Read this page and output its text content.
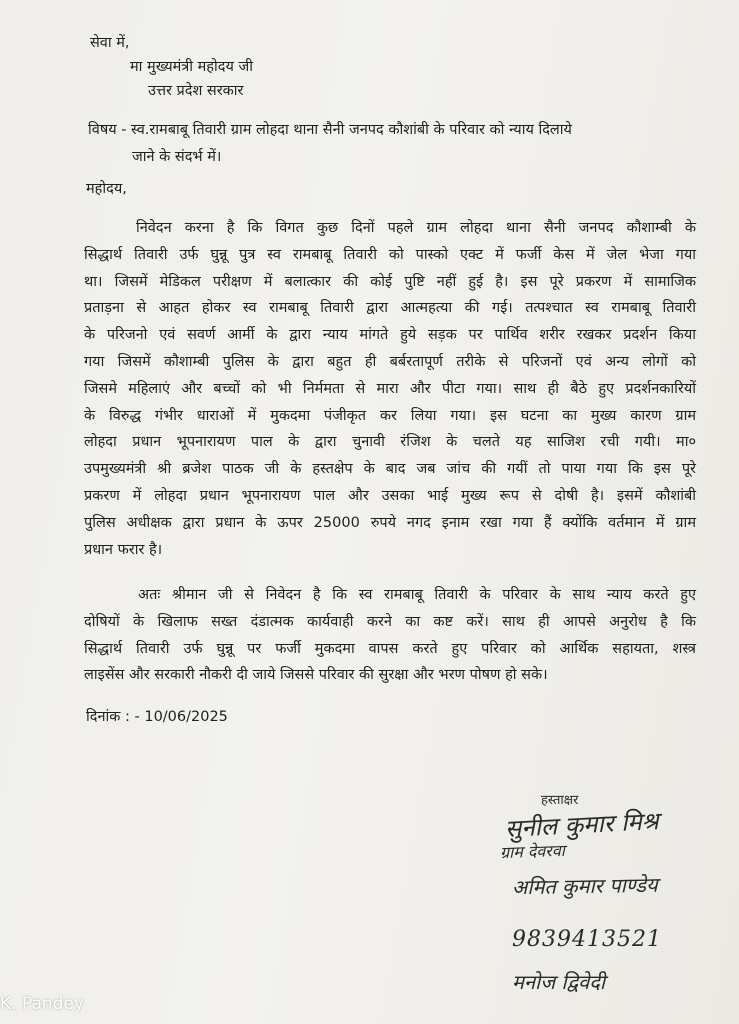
सेवा में,
मा मुख्यमंत्री महोदय जी
उत्तर प्रदेश सरकार
विषय - स्व.रामबाबू तिवारी ग्राम लोहदा थाना सैनी जनपद कौशांबी के परिवार को न्याय दिलाये
जाने के संदर्भ में।
महोदय,
निवेदन करना है कि विगत कुछ दिनों पहले ग्राम लोहदा थाना सैनी जनपद कौशाम्बी के
सिद्धार्थ तिवारी उर्फ घुन्नू पुत्र स्व रामबाबू तिवारी को पास्को एक्ट में फर्जी केस में जेल भेजा गया
था। जिसमें मेडिकल परीक्षण में बलात्कार की कोई पुष्टि नहीं हुई है। इस पूरे प्रकरण में सामाजिक
प्रताड़ना से आहत होकर स्व रामबाबू तिवारी द्वारा आत्महत्या की गई। तत्पश्चात स्व रामबाबू तिवारी
के परिजनो एवं सवर्ण आर्मी के द्वारा न्याय मांगते हुये सड़क पर पार्थिव शरीर रखकर प्रदर्शन किया
गया जिसमें कौशाम्बी पुलिस के द्वारा बहुत ही बर्बरतापूर्ण तरीके से परिजनों एवं अन्य लोगों को
जिसमे महिलाएं और बच्चों को भी निर्ममता से मारा और पीटा गया। साथ ही बैठे हुए प्रदर्शनकारियों
के विरुद्ध गंभीर धाराओं में मुकदमा पंजीकृत कर लिया गया। इस घटना का मुख्य कारण ग्राम
लोहदा प्रधान भूपनारायण पाल के द्वारा चुनावी रंजिश के चलते यह साजिश रची गयी। मा०
उपमुख्यमंत्री श्री ब्रजेश पाठक जी के हस्तक्षेप के बाद जब जांच की गयीं तो पाया गया कि इस पूरे
प्रकरण में लोहदा प्रधान भूपनारायण पाल और उसका भाई मुख्य रूप से दोषी है। इसमें कौशांबी
पुलिस अधीक्षक द्वारा प्रधान के ऊपर 25000 रुपये नगद इनाम रखा गया हैं क्योंकि वर्तमान में ग्राम
प्रधान फरार है।
अतः श्रीमान जी से निवेदन है कि स्व रामबाबू तिवारी के परिवार के साथ न्याय करते हुए
दोषियों के खिलाफ सख्त दंडात्मक कार्यवाही करने का कष्ट करें। साथ ही आपसे अनुरोध है कि
सिद्धार्थ तिवारी उर्फ घुन्नू पर फर्जी मुकदमा वापस करते हुए परिवार को आर्थिक सहायता, शस्त्र
लाइसेंस और सरकारी नौकरी दी जाये जिससे परिवार की सुरक्षा और भरण पोषण हो सके।
दिनांक : - 10/06/2025
हस्ताक्षर
सुनील कुमार मिश्र
ग्राम देवरवा
अमित कुमार पाण्डेय
9839413521
मनोज द्विवेदी
K. Pandey
